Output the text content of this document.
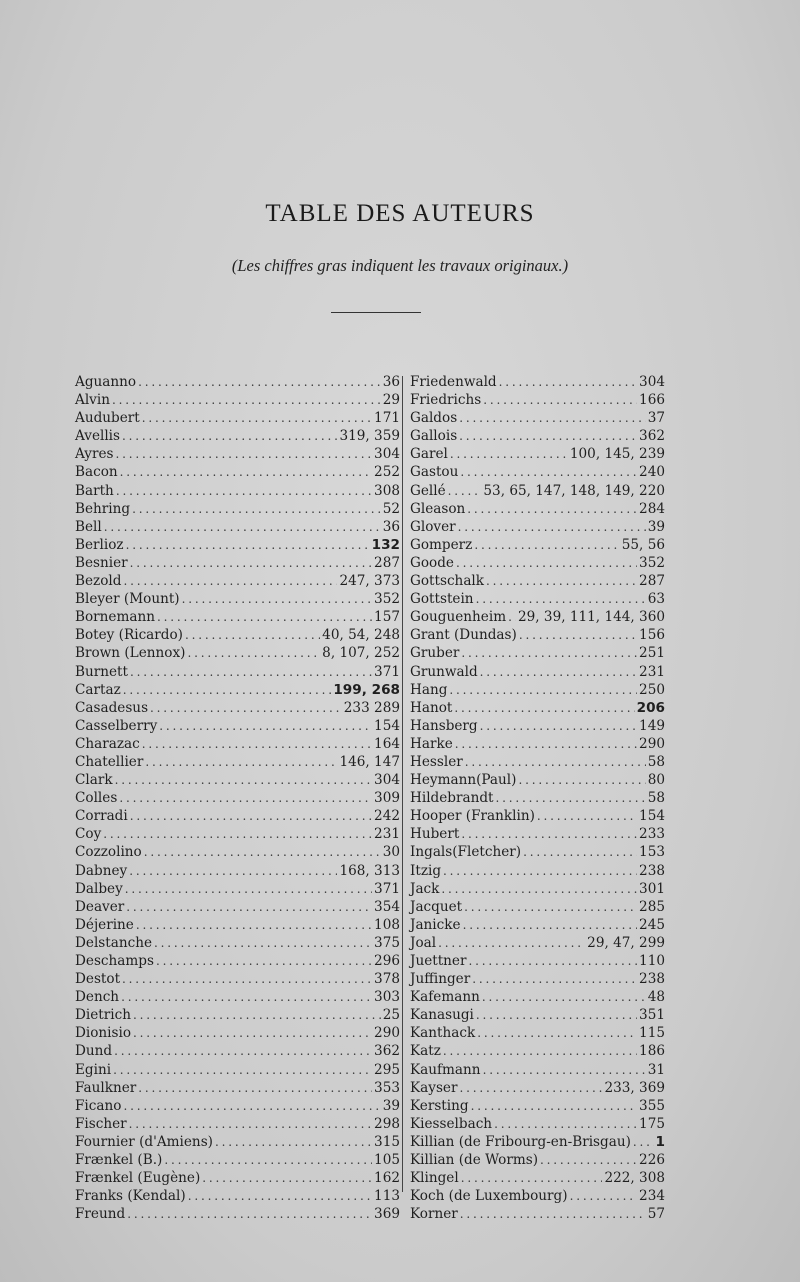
TABLE DES AUTEURS
(Les chiffres gras indiquent les travaux originaux.)
Aguanno . . .	36
Alvin . . .	29
Audubert . . .	171
Avellis . . .	319, 359
Ayres . . .	304
Bacon . . .	252
Barth . . .	308
Behring . . .	52
Bell . . .	36
Berlioz . . .	132
Besnier . . .	287
Bezold . . .	247, 373
Bleyer (Mount) . . .	352
Bornemann . . .	157
Botey (Ricardo) . . .	40, 54, 248
Brown (Lennox) . . .	8, 107, 252
Burnett . . .	371
Cartaz . . .	199, 268
Casadesus . . .	233 289
Casselberry . . .	154
Charazac . . .	164
Chatellier . . .	146, 147
Clark . . .	304
Colles . . .	309
Corradi . . .	242
Coy . . .	231
Cozzolino . . .	30
Dabney . . .	168, 313
Dalbey . . .	371
Deaver . . .	354
Déjerine . . .	108
Delstanche . . .	375
Deschamps . . .	296
Destot . . .	378
Dench . . .	303
Dietrich . . .	25
Dionisio . . .	290
Dund . . .	362
Egini . . .	295
Faulkner . . .	353
Ficano . . .	39
Fischer . . .	298
Fournier (d'Amiens) . . .	315
Frænkel (B.) . . .	105
Frænkel (Eugène) . . .	162
Franks (Kendal) . . .	113
Freund . . .	369
Friedenwald . . .	304
Friedrichs . . .	166
Galdos . . .	37
Gallois . . .	362
Garel . . .	100, 145, 239
Gastou . . .	240
Gellé . . .	53, 65, 147, 148, 149, 220
Gleason . . .	284
Glover . . .	39
Gomperz . . .	55, 56
Goode . . .	352
Gottschalk . . .	287
Gottstein . . .	63
Gouguenheim . . . 29, 39, 111, 144, 360
Grant (Dundas) . . .	156
Gruber . . .	251
Grunwald . . .	231
Hang . . .	250
Hanot . . .	206
Hansberg . . .	149
Harke . . .	290
Hessler . . .	58
Heymann(Paul) . . .	80
Hildebrandt . . .	58
Hooper (Franklin) . . .	154
Hubert . . .	233
Ingals(Fletcher) . . .	153
Itzig . . .	238
Jack . . .	301
Jacquet . . .	285
Janicke . . .	245
Joal . . .	29, 47, 299
Juettner . . .	110
Juffinger . . .	238
Kafemann . . .	48
Kanasugi . . .	351
Kanthack . . .	115
Katz . . .	186
Kaufmann . . .	31
Kayser . . .	233, 369
Kersting . . .	355
Kiesselbach . . .	175
Killian (de Fribourg-en-Brisgau) . . . 1
Killian (de Worms) . . .	226
Klingel . . .	222, 308
Koch (de Luxembourg) . . .	234
Korner . . .	57
